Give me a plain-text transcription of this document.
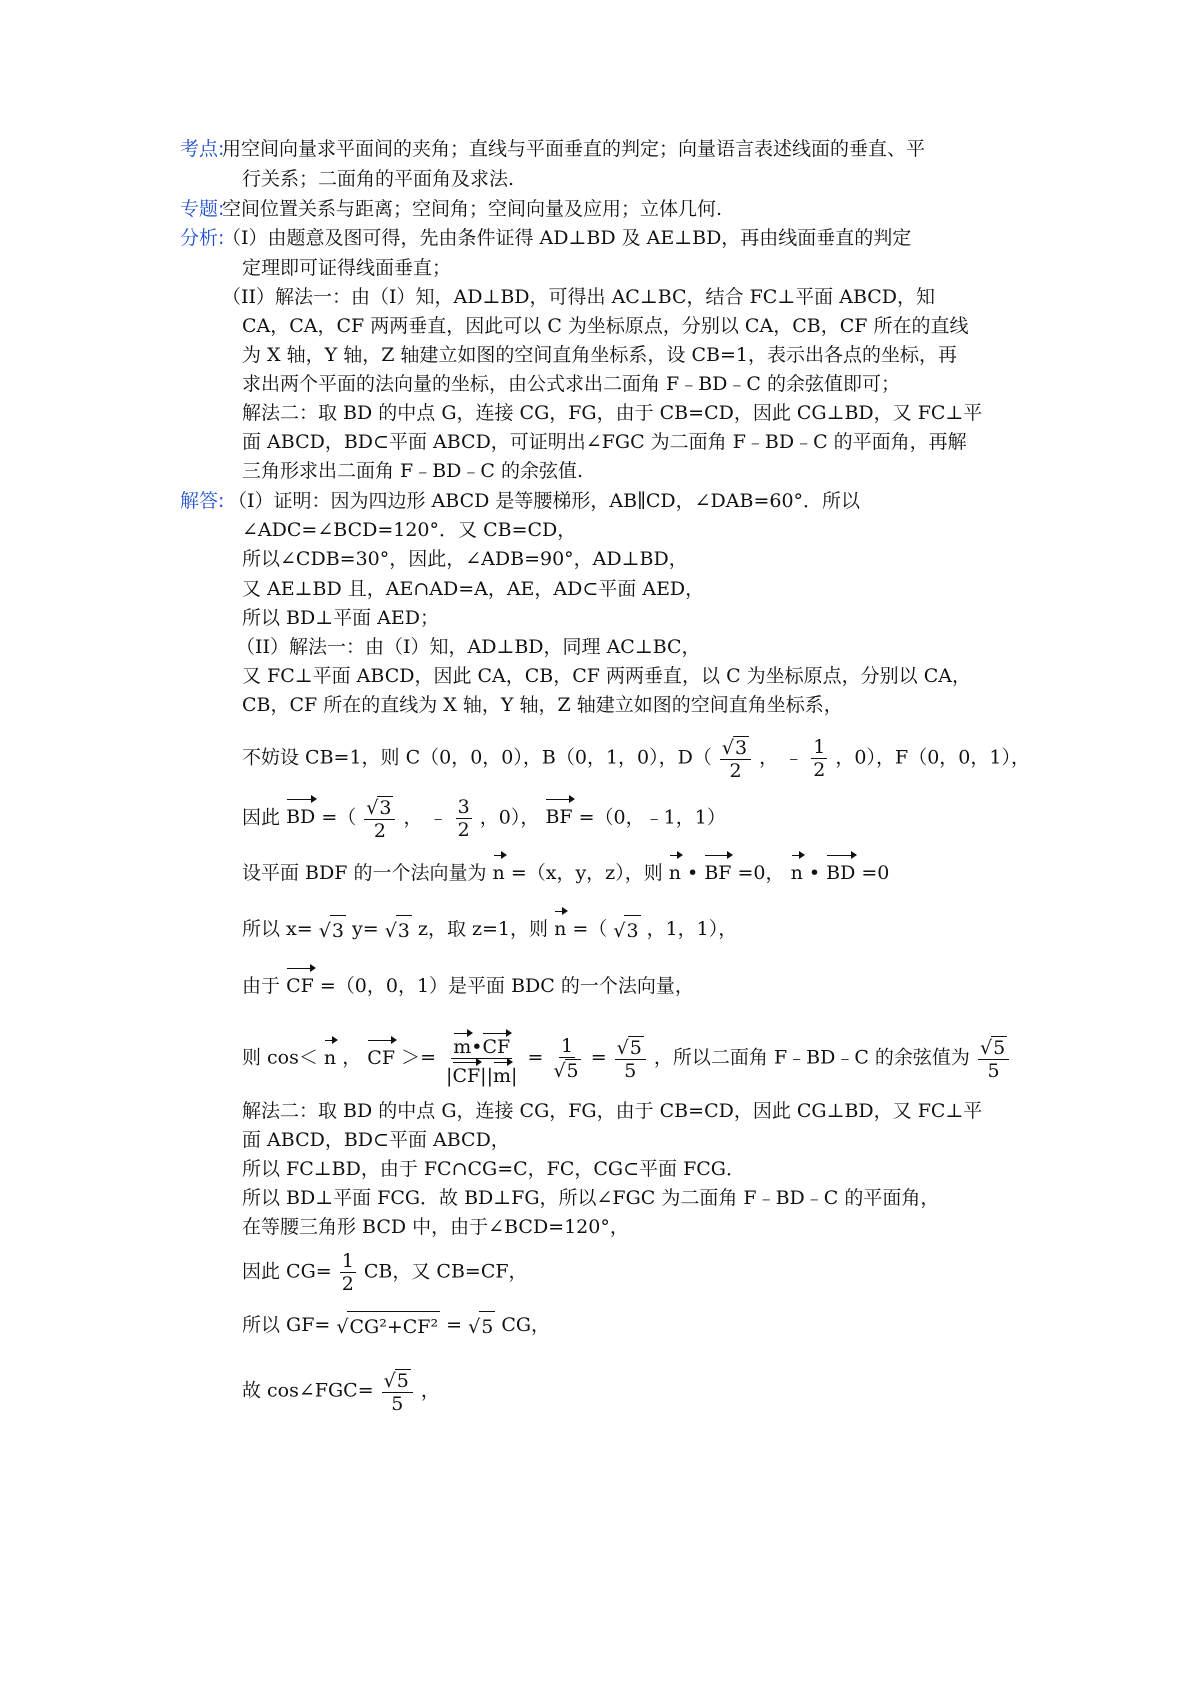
考点:
用空间向量求平面间的夹角；直线与平面垂直的判定；向量语言表述线面的垂直、平
行关系；二面角的平面角及求法.
专题:
空间位置关系与距离；空间角；空间向量及应用；立体几何.
分析:
（Ⅰ）由题意及图可得，先由条件证得 AD⊥BD 及 AE⊥BD，再由线面垂直的判定
定理即可证得线面垂直；
（II）解法一：由（I）知，AD⊥BD，可得出 AC⊥BC，结合 FC⊥平面 ABCD，知
CA，CA，CF 两两垂直，因此可以 C 为坐标原点，分别以 CA，CB，CF 所在的直线
为 X 轴，Y 轴，Z 轴建立如图的空间直角坐标系，设 CB=1，表示出各点的坐标，再
求出两个平面的法向量的坐标，由公式求出二面角 F﹣BD﹣C 的余弦值即可；
解法二：取 BD 的中点 G，连接 CG，FG，由于 CB=CD，因此 CG⊥BD，又 FC⊥平
面 ABCD，BD⊂平面 ABCD，可证明出∠FGC 为二面角 F﹣BD﹣C 的平面角，再解
三角形求出二面角 F﹣BD﹣C 的余弦值.
解答: （I）证明：因为四边形 ABCD 是等腰梯形，AB∥CD，∠DAB=60°．所以
∠ADC=∠BCD=120°．又 CB=CD，
所以∠CDB=30°，因此，∠ADB=90°，AD⊥BD，
又 AE⊥BD 且，AE∩AD=A，AE，AD⊂平面 AED，
所以 BD⊥平面 AED；
（II）解法一：由（I）知，AD⊥BD，同理 AC⊥BC，
又 FC⊥平面 ABCD，因此 CA，CB，CF 两两垂直，以 C 为坐标原点，分别以 CA，
CB，CF 所在的直线为 X 轴，Y 轴，Z 轴建立如图的空间直角坐标系，
不妨设 CB=1，则 C（0，0，0），B（0，1，0），$D( \frac{√3}{2}$ ， ﹣ $\frac{1}{2}$ ，0），F（0，0，1），
因此 BD =（ $\frac{√3}{2}$ ， ﹣ $\frac{3}{2}$ ，0）， BF =（0，﹣1，1）
设平面 BDF 的一个法向量为 n =（x，y，z），则 n • BF =0， n • BD =0
所以 x= √3 y= √3 z，取 z=1，则 n =（ √3 ，1，1），
由于 CF =（0，0，1）是平面 BDC 的一个法向量，
则 cos＜ n ， CF ＞= $\frac{m•CF}{|CF||m|} = \frac{1}{√5} = \frac{√5}{5}$ ，所以二面角 F﹣BD﹣C 的余弦值为 $\frac{√5}{5}$
解法二：取 BD 的中点 G，连接 CG，FG，由于 CB=CD，因此 CG⊥BD，又 FC⊥平
面 ABCD，BD⊂平面 ABCD，
所以 FC⊥BD，由于 FC∩CG=C，FC，CG⊂平面 FCG．
所以 BD⊥平面 FCG．故 BD⊥FG，所以∠FGC 为二面角 F﹣BD﹣C 的平面角，
在等腰三角形 BCD 中，由于∠BCD=120°，
因此 $CG= \frac{1}{2}$ CB，又 CB=CF，
所以 GF= √CG²+CF² = √5 CG，
故 cos∠FGC= $\frac{√5}{5}$ ，
